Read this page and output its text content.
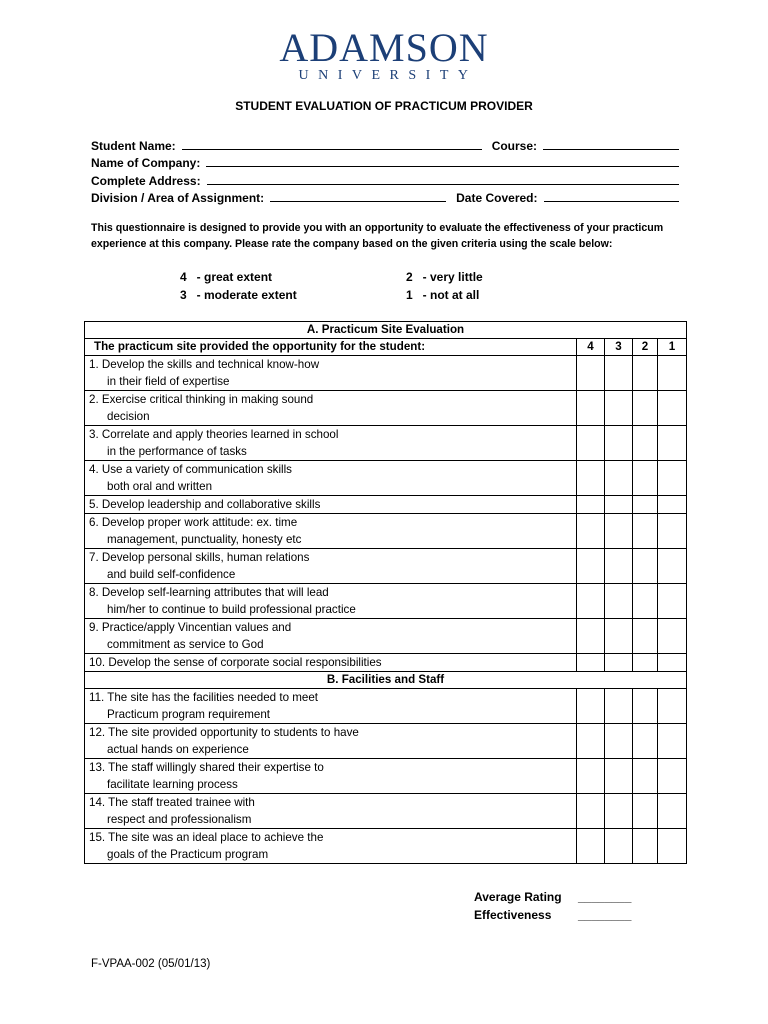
ADAMSON
UNIVERSITY
STUDENT EVALUATION OF PRACTICUM PROVIDER
Student Name:	Course:
Name of Company:
Complete Address:
Division / Area of Assignment:	Date Covered:
This questionnaire is designed to provide you with an opportunity to evaluate the effectiveness of your practicum experience at this company. Please rate the company based on the given criteria using the scale below:
4   - great extent
3   - moderate extent
2   - very little
1   - not at all
A. Practicum Site Evaluation				
The practicum site provided the opportunity for the student:	4	3	2	1

1. Develop the skills and technical know-how
in their field of expertise				

2. Exercise critical thinking in making sound
decision				

3. Correlate and apply theories learned in school
in the performance of tasks				

4. Use a variety of communication skills
both oral and written				

5. Develop leadership and collaborative skills				

6. Develop proper work attitude: ex. time
management, punctuality, honesty etc				

7. Develop personal skills, human relations
and build self-confidence				

8. Develop self-learning attributes that will lead
him/her to continue to build professional practice				

9. Practice/apply Vincentian values and
commitment as service to God				

10. Develop the sense of corporate social responsibilities				

B. Facilities and Staff				

11. The site has the facilities needed to meet
Practicum program requirement				

12. The site provided opportunity to students to have
actual hands on experience				

13. The staff willingly shared their expertise to
facilitate learning process				

14. The staff treated trainee with
respect and professionalism				

15. The site was an ideal place to achieve the
goals of the Practicum program				

Average Rating	________
Effectiveness	________
F-VPAA-002 (05/01/13)
